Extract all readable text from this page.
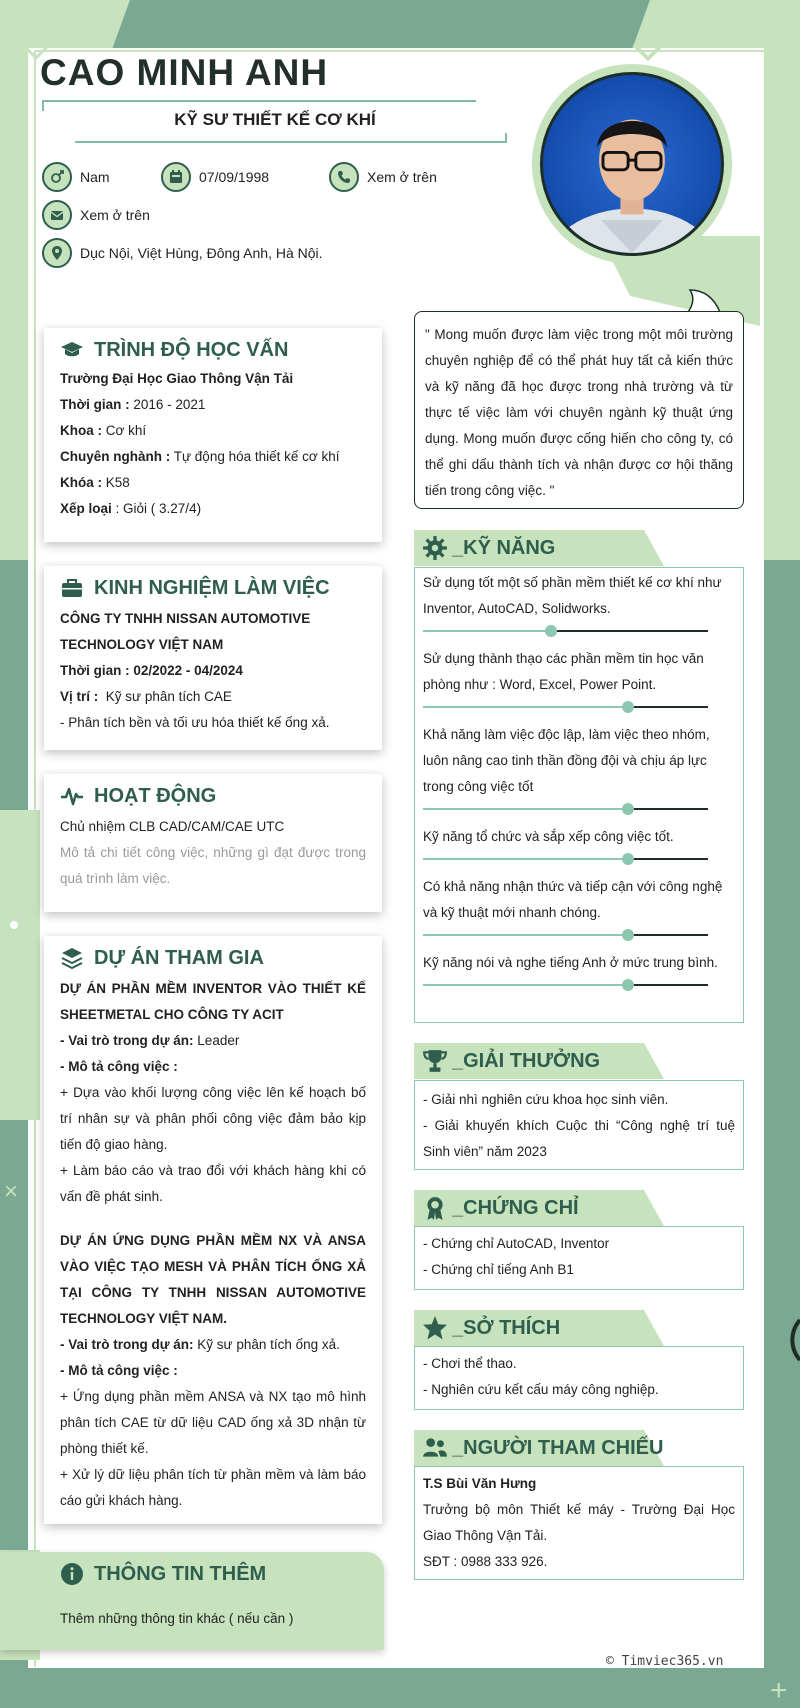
×
+
CAO MINH ANH
KỸ SƯ THIẾT KẾ CƠ KHÍ
Nam	07/09/1998	Xem ở trên
Xem ở trên
Dục Nội, Việt Hùng, Đông Anh, Hà Nội.
" Mong muốn được làm việc trong một môi trường chuyên nghiệp để có thể phát huy tất cả kiến thức và kỹ năng đã học được trong nhà trường và từ thực tế việc làm với chuyên ngành kỹ thuật ứng dụng. Mong muốn được cống hiến cho công ty, có thể ghi dấu thành tích và nhận được cơ hội thăng tiến trong công việc. "
TRÌNH ĐỘ HỌC VẤN
Trường Đại Học Giao Thông Vận Tải
Thời gian : 2016 - 2021
Khoa : Cơ khí
Chuyên nghành : Tự động hóa thiết kế cơ khí
Khóa : K58
Xếp loại : Giỏi ( 3.27/4)
KINH NGHIỆM LÀM VIỆC
CÔNG TY TNHH NISSAN AUTOMOTIVE TECHNOLOGY VIỆT NAM
Thời gian : 02/2022 - 04/2024
Vị trí : Kỹ sư phân tích CAE
- Phân tích bền và tối ưu hóa thiết kế ống xả.
HOẠT ĐỘNG
Chủ nhiệm CLB CAD/CAM/CAE UTC
Mô tả chi tiết công việc, những gì đạt được trong quá trình làm việc.
DỰ ÁN THAM GIA
DỰ ÁN PHẦN MỀM INVENTOR VÀO THIẾT KẾ SHEETMETAL CHO CÔNG TY ACIT
- Vai trò trong dự án: Leader
- Mô tả công việc :
+ Dựa vào khối lượng công việc lên kế hoạch bố trí nhân sự và phân phối công việc đảm bảo kịp tiến độ giao hàng.
+ Làm báo cáo và trao đổi với khách hàng khi có vấn đề phát sinh.
DỰ ÁN ỨNG DỤNG PHẦN MỀM NX VÀ ANSA VÀO VIỆC TẠO MESH VÀ PHÂN TÍCH ỐNG XẢ TẠI CÔNG TY TNHH NISSAN AUTOMOTIVE TECHNOLOGY VIỆT NAM.
- Vai trò trong dự án: Kỹ sư phân tích ống xả.
- Mô tả công việc :
+ Ứng dụng phần mềm ANSA và NX tạo mô hình phân tích CAE từ dữ liệu CAD ống xả 3D nhận từ phòng thiết kế.
+ Xử lý dữ liệu phân tích từ phần mềm và làm báo cáo gửi khách hàng.
THÔNG TIN THÊM
Thêm những thông tin khác ( nếu cần )
_KỸ NĂNG
Sử dụng tốt một số phần mềm thiết kế cơ khí như Inventor, AutoCAD, Solidworks.
Sử dụng thành thạo các phần mềm tin học văn phòng như : Word, Excel, Power Point.
Khả năng làm việc độc lập, làm việc theo nhóm, luôn nâng cao tinh thần đồng đội và chịu áp lực trong công việc tốt
Kỹ năng tổ chức và sắp xếp công việc tốt.
Có khả năng nhận thức và tiếp cận với công nghệ và kỹ thuật mới nhanh chóng.
Kỹ năng nói và nghe tiếng Anh ở mức trung bình.
_GIẢI THƯỞNG
- Giải nhì nghiên cứu khoa học sinh viên.
- Giải khuyến khích Cuộc thi “Công nghệ trí tuệ Sinh viên” năm 2023
_CHỨNG CHỈ
- Chứng chỉ AutoCAD, Inventor
- Chứng chỉ tiếng Anh B1
_SỞ THÍCH
- Chơi thể thao.
- Nghiên cứu kết cấu máy công nghiệp.
_NGƯỜI THAM CHIẾU
T.S Bùi Văn Hưng
Trưởng bộ môn Thiết kế máy - Trường Đại Học Giao Thông Vận Tải.
SĐT : 0988 333 926.
© Timviec365.vn
